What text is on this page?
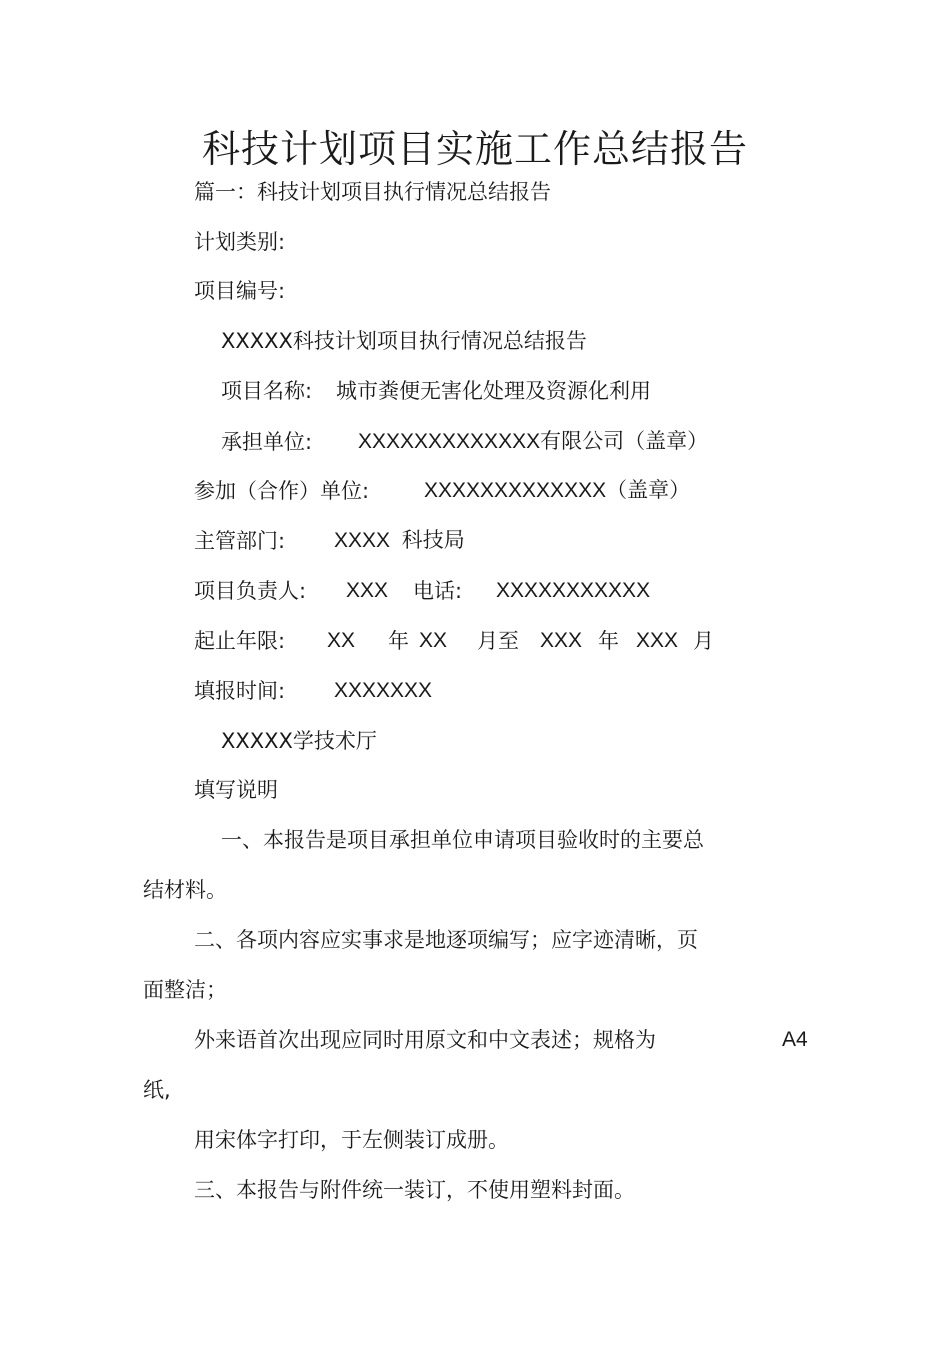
科技计划项目实施工作总结报告
篇一：科技计划项目执行情况总结报告
计划类别:
项目编号:
XXXXX科技计划项目执行情况总结报告
项目名称: 城市粪便无害化处理及资源化利用
承担单位: XXXXXXXXXXXXX有限公司（盖章）
参加（合作）单位:	XXXXXXXXXXXXX（盖章）
主管部门: XXXX  科技局
项目负责人: XXX 电话: XXXXXXXXXXX
起止年限: XX 年 XX 月至 XXX 年 XXX 月
填报时间: XXXXXXX
XXXXX学技术厅
填写说明
一、本报告是项目承担单位申请项目验收时的主要总
结材料。
二、各项内容应实事求是地逐项编写；应字迹清晰，页
面整洁；
外来语首次出现应同时用原文和中文表述；规格为	A4
纸,
用宋体字打印，于左侧装订成册。
三、本报告与附件统一装订，不使用塑料封面。
